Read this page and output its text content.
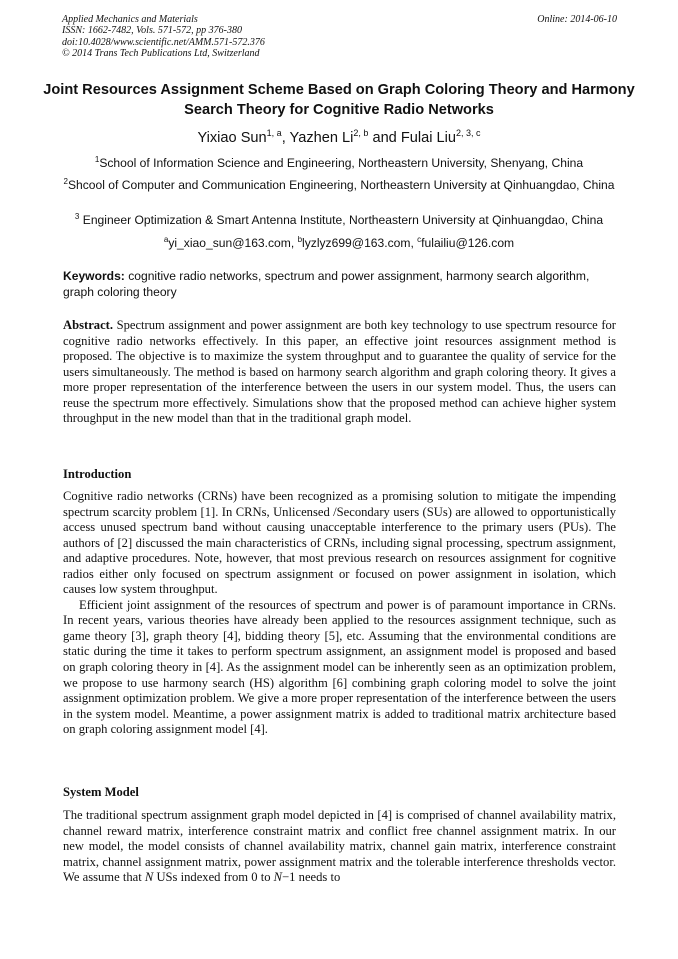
Applied Mechanics and Materials
ISSN: 1662-7482, Vols. 571-572, pp 376-380
doi:10.4028/www.scientific.net/AMM.571-572.376
© 2014 Trans Tech Publications Ltd, Switzerland
Online: 2014-06-10
Joint Resources Assignment Scheme Based on Graph Coloring Theory and Harmony Search Theory for Cognitive Radio Networks
Yixiao Sun$^{1, a}$, Yazhen Li$^{2, b}$ and Fulai Liu$^{2, 3, c}$
$^1$School of Information Science and Engineering, Northeastern University, Shenyang, China
$^2$Shcool of Computer and Communication Engineering, Northeastern University at Qinhuangdao, China
$^3$ Engineer Optimization & Smart Antenna Institute, Northeastern University at Qinhuangdao, China
$^a$yi_xiao_sun@163.com, $^b$lyzlyz699@163.com, $^c$fulailiu@126.com
Keywords: cognitive radio networks, spectrum and power assignment, harmony search algorithm, graph coloring theory
Abstract. Spectrum assignment and power assignment are both key technology to use spectrum resource for cognitive radio networks effectively. In this paper, an effective joint resources assignment method is proposed. The objective is to maximize the system throughput and to guarantee the quality of service for the users simultaneously. The method is based on harmony search algorithm and graph coloring theory. It gives a more proper representation of the interference between the users in our system model. Thus, the users can reuse the spectrum more effectively. Simulations show that the proposed method can achieve higher system throughput in the new model than that in the traditional graph model.
Introduction
Cognitive radio networks (CRNs) have been recognized as a promising solution to mitigate the impending spectrum scarcity problem [1]. In CRNs, Unlicensed /Secondary users (SUs) are allowed to opportunistically access unused spectrum band without causing unacceptable interference to the primary users (PUs). The authors of [2] discussed the main characteristics of CRNs, including signal processing, spectrum assignment, and adaptive procedures. Note, however, that most previous research on resources assignment for cognitive radios either only focused on spectrum assignment or focused on power assignment in isolation, which causes low system throughput.
Efficient joint assignment of the resources of spectrum and power is of paramount importance in CRNs. In recent years, various theories have already been applied to the resources assignment technique, such as game theory [3], graph theory [4], bidding theory [5], etc. Assuming that the environmental conditions are static during the time it takes to perform spectrum assignment, an assignment model is proposed and based on graph coloring theory in [4]. As the assignment model can be inherently seen as an optimization problem, we propose to use harmony search (HS) algorithm [6] combining graph coloring model to solve the joint assignment optimization problem. We give a more proper representation of the interference between the users in the system model. Meantime, a power assignment matrix is added to traditional matrix architecture based on graph coloring assignment model [4].
System Model
The traditional spectrum assignment graph model depicted in [4] is comprised of channel availability matrix, channel reward matrix, interference constraint matrix and conflict free channel assignment matrix. In our new model, the model consists of channel availability matrix, channel gain matrix, interference constraint matrix, channel assignment matrix, power assignment matrix and the tolerable interference thresholds vector. We assume that N USs indexed from 0 to N−1 needs to
